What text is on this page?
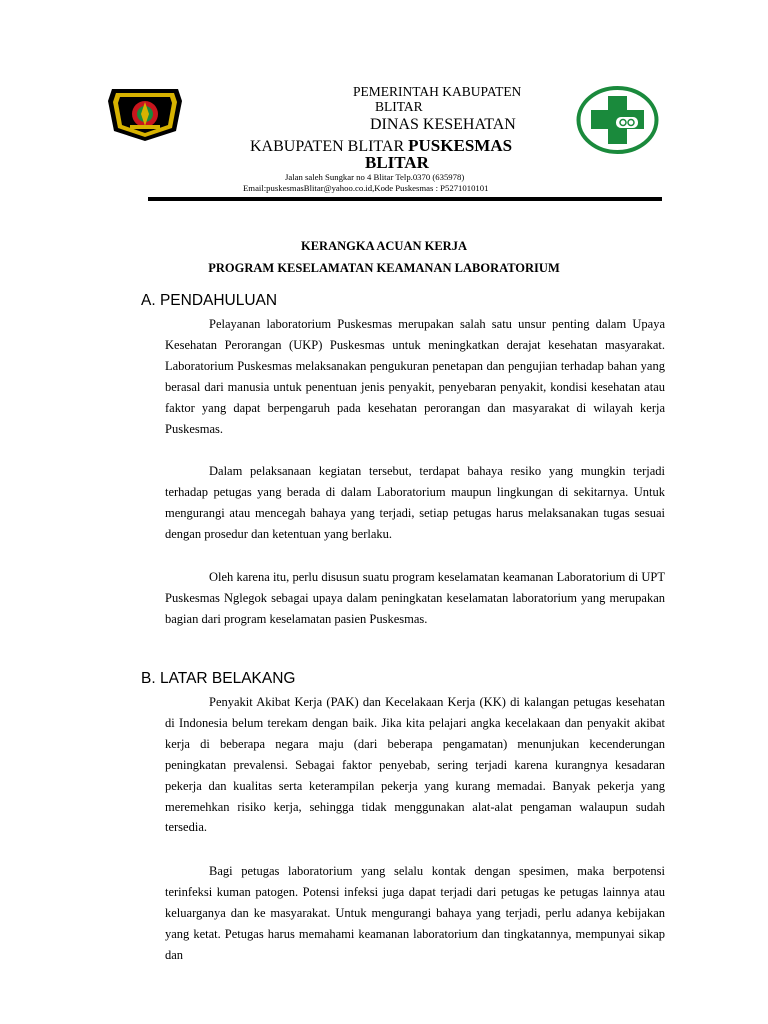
PEMERINTAH KABUPATEN
BLITAR
DINAS KESEHATAN
KABUPATEN BLITAR PUSKESMAS
BLITAR
Jalan saleh Sungkar no 4 Blitar Telp.0370 (635978)
Email:puskesmasBlitar@yahoo.co.id,Kode Puskesmas : P5271010101
KERANGKA ACUAN KERJA
PROGRAM KESELAMATAN KEAMANAN LABORATORIUM
A. PENDAHULUAN

Pelayanan laboratorium Puskesmas merupakan salah satu unsur penting dalam Upaya Kesehatan Perorangan (UKP) Puskesmas untuk meningkatkan derajat kesehatan masyarakat. Laboratorium Puskesmas melaksanakan pengukuran penetapan dan pengujian terhadap bahan yang berasal dari manusia untuk penentuan jenis penyakit, penyebaran penyakit, kondisi kesehatan atau faktor yang dapat berpengaruh pada kesehatan perorangan dan masyarakat di wilayah kerja Puskesmas.

Dalam pelaksanaan kegiatan tersebut, terdapat bahaya resiko yang mungkin terjadi terhadap petugas yang berada di dalam Laboratorium maupun lingkungan di sekitarnya. Untuk mengurangi atau mencegah bahaya yang terjadi, setiap petugas harus melaksanakan tugas sesuai dengan prosedur dan ketentuan yang berlaku.

Oleh karena itu, perlu disusun suatu program keselamatan keamanan Laboratorium di UPT Puskesmas Nglegok sebagai upaya dalam peningkatan keselamatan laboratorium yang merupakan bagian dari program keselamatan pasien Puskesmas.

B. LATAR BELAKANG

Penyakit Akibat Kerja (PAK) dan Kecelakaan Kerja (KK) di kalangan petugas kesehatan di Indonesia belum terekam dengan baik. Jika kita pelajari angka kecelakaan dan penyakit akibat kerja di beberapa negara maju (dari beberapa pengamatan) menunjukan kecenderungan peningkatan prevalensi. Sebagai faktor penyebab, sering terjadi karena kurangnya kesadaran pekerja dan kualitas serta keterampilan pekerja yang kurang memadai. Banyak pekerja yang meremehkan risiko kerja, sehingga tidak menggunakan alat-alat pengaman walaupun sudah tersedia.

Bagi petugas laboratorium yang selalu kontak dengan spesimen, maka berpotensi terinfeksi kuman patogen. Potensi infeksi juga dapat terjadi dari petugas ke petugas lainnya atau keluarganya dan ke masyarakat. Untuk mengurangi bahaya yang terjadi, perlu adanya kebijakan yang ketat. Petugas harus memahami keamanan laboratorium dan tingkatannya, mempunyai sikap dan
